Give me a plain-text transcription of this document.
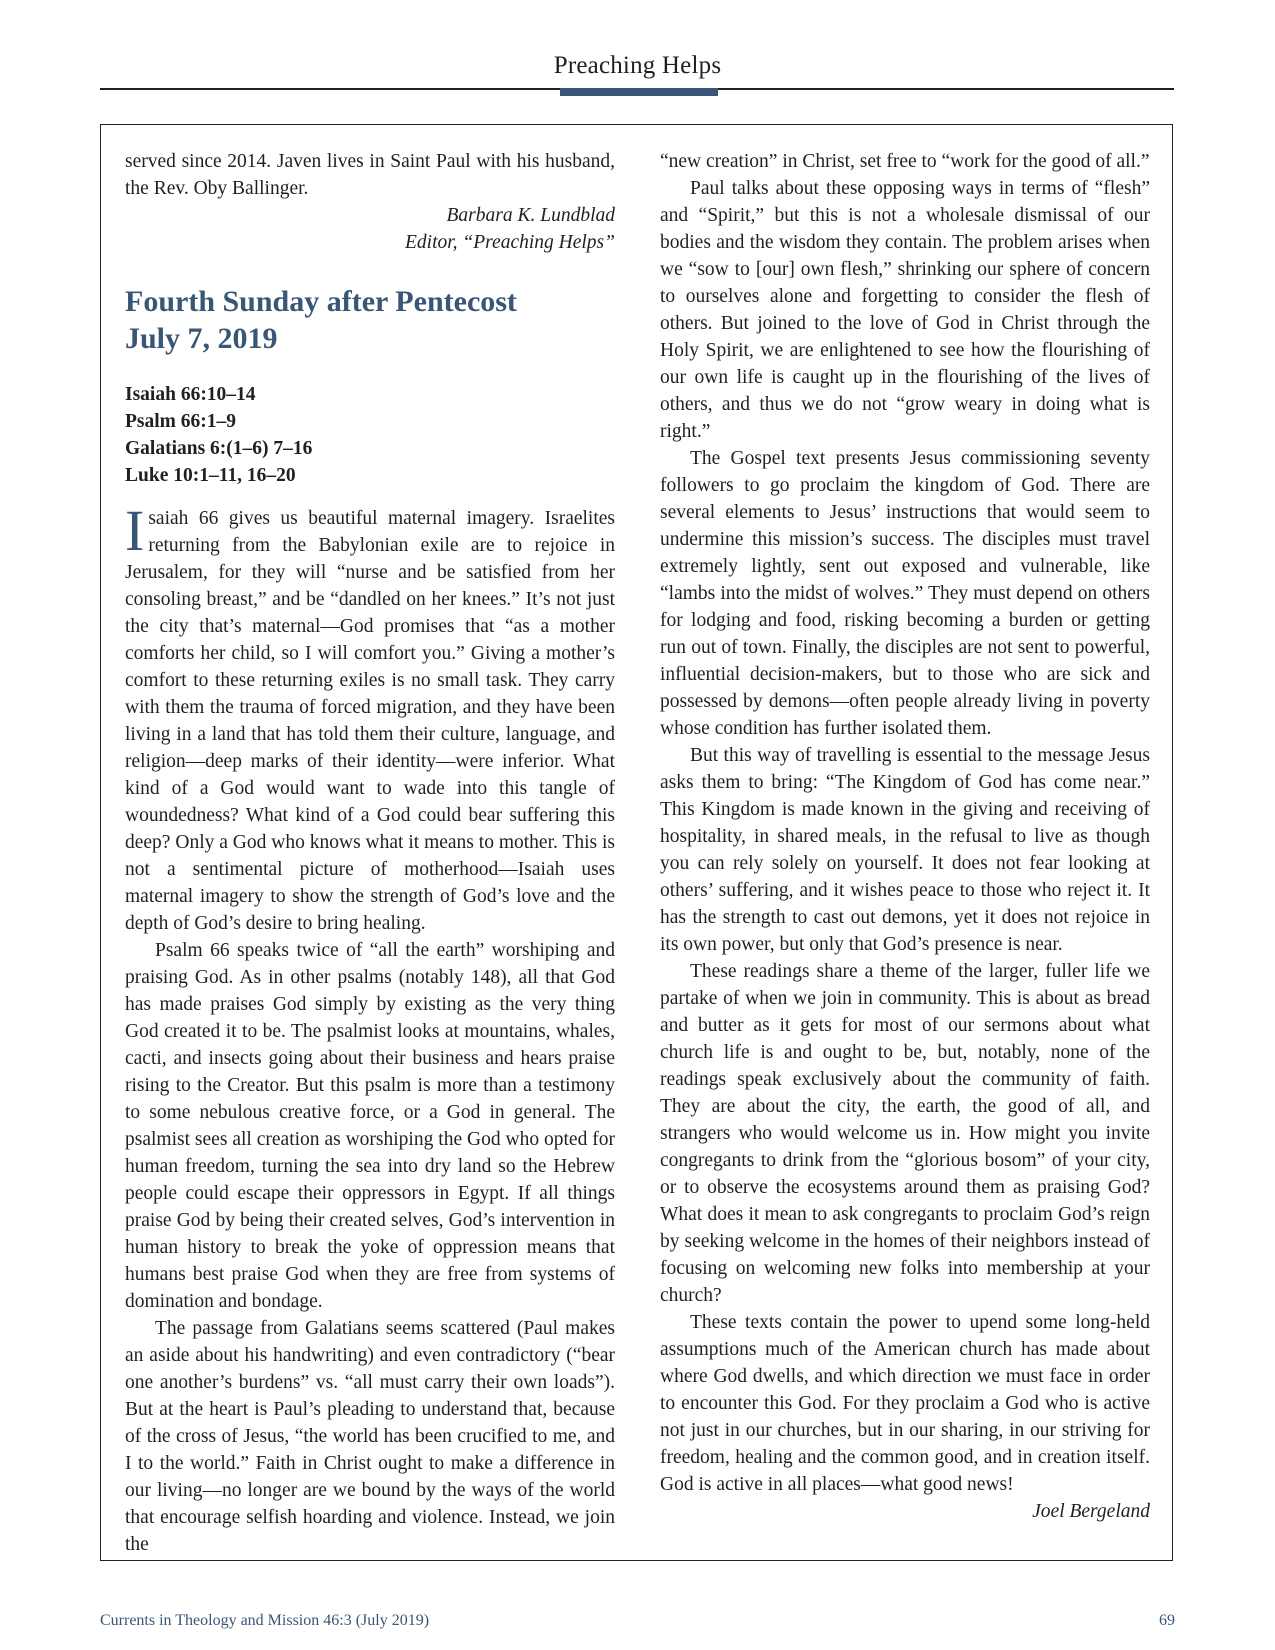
Preaching Helps

served since 2014. Javen lives in Saint Paul with his husband, the Rev. Oby Ballinger.

Barbara K. Lundblad
Editor, “Preaching Helps”
Fourth Sunday after Pentecost
July 7, 2019
Isaiah 66:10–14
Psalm 66:1–9
Galatians 6:(1–6) 7–16
Luke 10:1–11, 16–20

Isaiah 66 gives us beautiful maternal imagery. Israelites returning from the Babylonian exile are to rejoice in Jerusalem, for they will “nurse and be satisfied from her consoling breast,” and be “dandled on her knees.” It’s not just the city that’s maternal—God promises that “as a mother comforts her child, so I will comfort you.” Giving a mother’s comfort to these returning exiles is no small task. They carry with them the trauma of forced migration, and they have been living in a land that has told them their culture, language, and religion—deep marks of their identity—were inferior. What kind of a God would want to wade into this tangle of woundedness? What kind of a God could bear suffering this deep? Only a God who knows what it means to mother. This is not a sentimental picture of motherhood—Isaiah uses maternal imagery to show the strength of God’s love and the depth of God’s desire to bring healing.

Psalm 66 speaks twice of “all the earth” worshiping and praising God. As in other psalms (notably 148), all that God has made praises God simply by existing as the very thing God created it to be. The psalmist looks at mountains, whales, cacti, and insects going about their business and hears praise rising to the Creator. But this psalm is more than a testimony to some nebulous creative force, or a God in general. The psalmist sees all creation as worshiping the God who opted for human freedom, turning the sea into dry land so the Hebrew people could escape their oppressors in Egypt. If all things praise God by being their created selves, God’s intervention in human history to break the yoke of oppression means that humans best praise God when they are free from systems of domination and bondage.

The passage from Galatians seems scattered (Paul makes an aside about his handwriting) and even contradictory (“bear one another’s burdens” vs. “all must carry their own loads”). But at the heart is Paul’s pleading to understand that, because of the cross of Jesus, “the world has been crucified to me, and I to the world.” Faith in Christ ought to make a difference in our living—no longer are we bound by the ways of the world that encourage selfish hoarding and violence. Instead, we join the

“new creation” in Christ, set free to “work for the good of all.”

Paul talks about these opposing ways in terms of “flesh” and “Spirit,” but this is not a wholesale dismissal of our bodies and the wisdom they contain. The problem arises when we “sow to [our] own flesh,” shrinking our sphere of concern to ourselves alone and forgetting to consider the flesh of others. But joined to the love of God in Christ through the Holy Spirit, we are enlightened to see how the flourishing of our own life is caught up in the flourishing of the lives of others, and thus we do not “grow weary in doing what is right.”

The Gospel text presents Jesus commissioning seventy followers to go proclaim the kingdom of God. There are several elements to Jesus’ instructions that would seem to undermine this mission’s success. The disciples must travel extremely lightly, sent out exposed and vulnerable, like “lambs into the midst of wolves.” They must depend on others for lodging and food, risking becoming a burden or getting run out of town. Finally, the disciples are not sent to powerful, influential decision-makers, but to those who are sick and possessed by demons—often people already living in poverty whose condition has further isolated them.

But this way of travelling is essential to the message Jesus asks them to bring: “The Kingdom of God has come near.” This Kingdom is made known in the giving and receiving of hospitality, in shared meals, in the refusal to live as though you can rely solely on yourself. It does not fear looking at others’ suffering, and it wishes peace to those who reject it. It has the strength to cast out demons, yet it does not rejoice in its own power, but only that God’s presence is near.

These readings share a theme of the larger, fuller life we partake of when we join in community. This is about as bread and butter as it gets for most of our sermons about what church life is and ought to be, but, notably, none of the readings speak exclusively about the community of faith. They are about the city, the earth, the good of all, and strangers who would welcome us in. How might you invite congregants to drink from the “glorious bosom” of your city, or to observe the ecosystems around them as praising God? What does it mean to ask congregants to proclaim God’s reign by seeking welcome in the homes of their neighbors instead of focusing on welcoming new folks into membership at your church?

These texts contain the power to upend some long-held assumptions much of the American church has made about where God dwells, and which direction we must face in order to encounter this God. For they proclaim a God who is active not just in our churches, but in our sharing, in our striving for freedom, healing and the common good, and in creation itself. God is active in all places—what good news!

Joel Bergeland
Currents in Theology and Mission 46:3 (July 2019)	69
